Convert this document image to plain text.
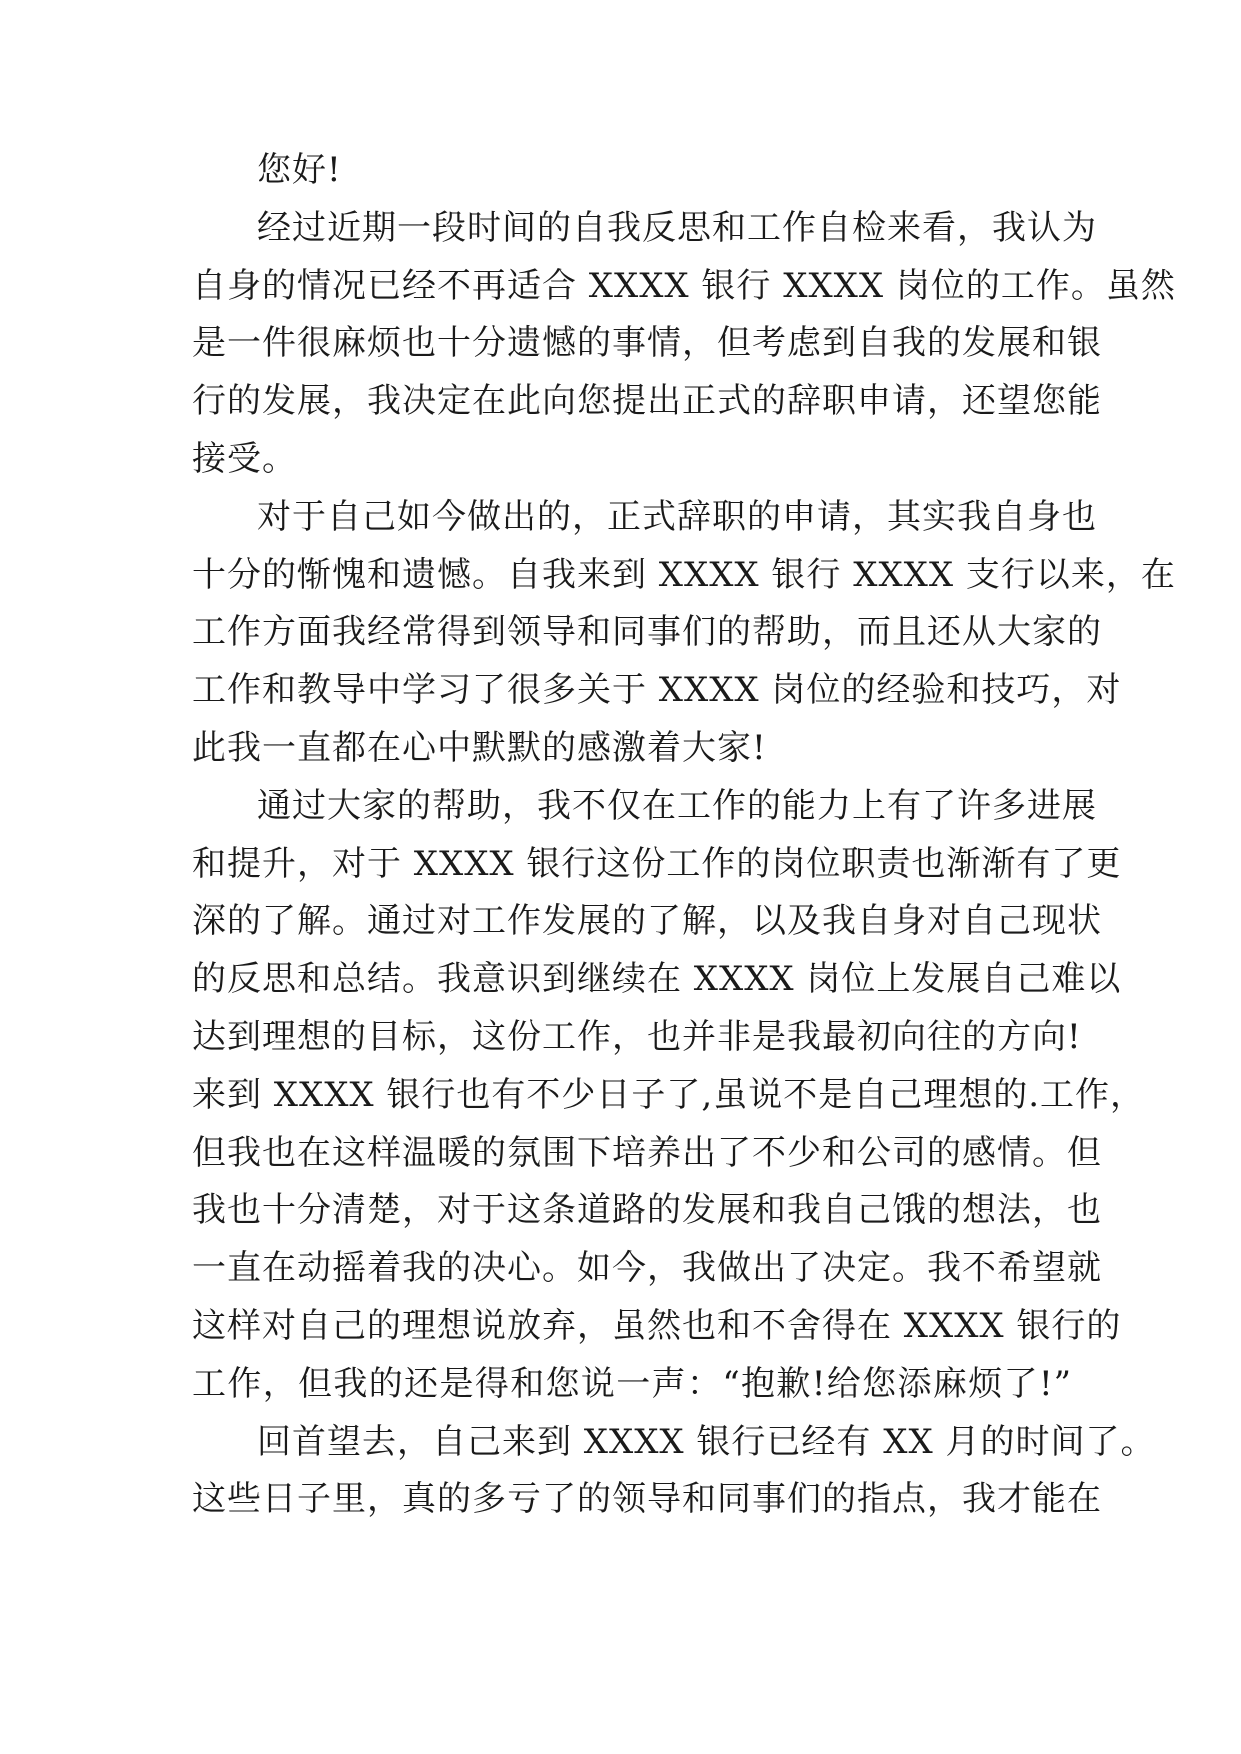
您好!
经过近期一段时间的自我反思和工作自检来看，我认为
自身的情况已经不再适合 XXXX 银行 XXXX 岗位的工作。虽然
是一件很麻烦也十分遗憾的事情，但考虑到自我的发展和银
行的发展，我决定在此向您提出正式的辞职申请，还望您能
接受。
对于自己如今做出的，正式辞职的申请，其实我自身也
十分的惭愧和遗憾。自我来到 XXXX 银行 XXXX 支行以来，在
工作方面我经常得到领导和同事们的帮助，而且还从大家的
工作和教导中学习了很多关于 XXXX 岗位的经验和技巧，对
此我一直都在心中默默的感激着大家!
通过大家的帮助，我不仅在工作的能力上有了许多进展
和提升，对于 XXXX 银行这份工作的岗位职责也渐渐有了更
深的了解。通过对工作发展的了解，以及我自身对自己现状
的反思和总结。我意识到继续在 XXXX 岗位上发展自己难以
达到理想的目标，这份工作，也并非是我最初向往的方向!
来到 XXXX 银行也有不少日子了,虽说不是自己理想的.工作，
但我也在这样温暖的氛围下培养出了不少和公司的感情。但
我也十分清楚，对于这条道路的发展和我自己饿的想法，也
一直在动摇着我的决心。如今，我做出了决定。我不希望就
这样对自己的理想说放弃，虽然也和不舍得在 XXXX 银行的
工作，但我的还是得和您说一声：“抱歉!给您添麻烦了!”
回首望去，自己来到 XXXX 银行已经有 XX 月的时间了。
这些日子里，真的多亏了的领导和同事们的指点，我才能在
